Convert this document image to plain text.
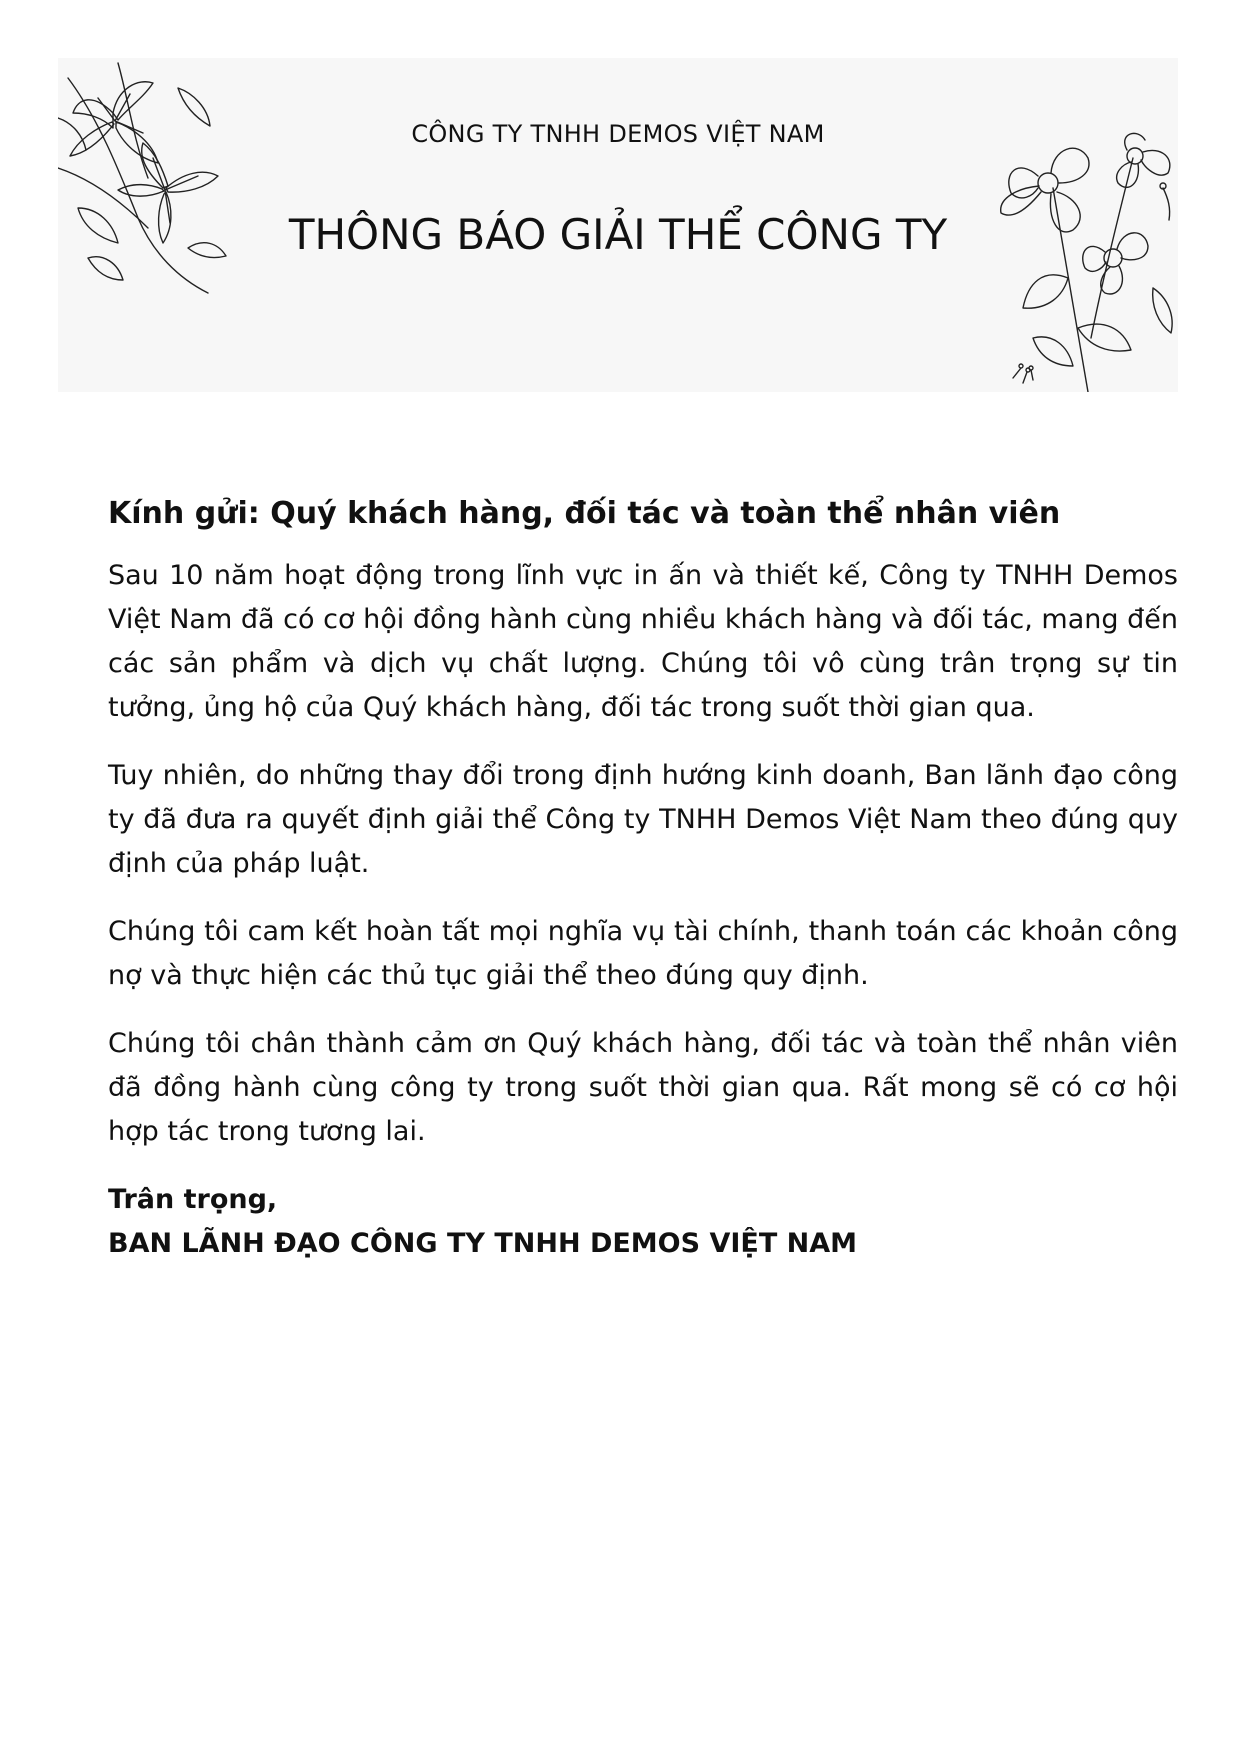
CÔNG TY TNHH DEMOS VIỆT NAM
THÔNG BÁO GIẢI THỂ CÔNG TY

Kính gửi: Quý khách hàng, đối tác và toàn thể nhân viên

Sau 10 năm hoạt động trong lĩnh vực in ấn và thiết kế, Công ty TNHH Demos Việt Nam đã có cơ hội đồng hành cùng nhiều khách hàng và đối tác, mang đến các sản phẩm và dịch vụ chất lượng. Chúng tôi vô cùng trân trọng sự tin tưởng, ủng hộ của Quý khách hàng, đối tác trong suốt thời gian qua.

Tuy nhiên, do những thay đổi trong định hướng kinh doanh, Ban lãnh đạo công ty đã đưa ra quyết định giải thể Công ty TNHH Demos Việt Nam theo đúng quy định của pháp luật.

Chúng tôi cam kết hoàn tất mọi nghĩa vụ tài chính, thanh toán các khoản công nợ và thực hiện các thủ tục giải thể theo đúng quy định.

Chúng tôi chân thành cảm ơn Quý khách hàng, đối tác và toàn thể nhân viên đã đồng hành cùng công ty trong suốt thời gian qua. Rất mong sẽ có cơ hội hợp tác trong tương lai.

Trân trọng,

BAN LÃNH ĐẠO CÔNG TY TNHH DEMOS VIỆT NAM
